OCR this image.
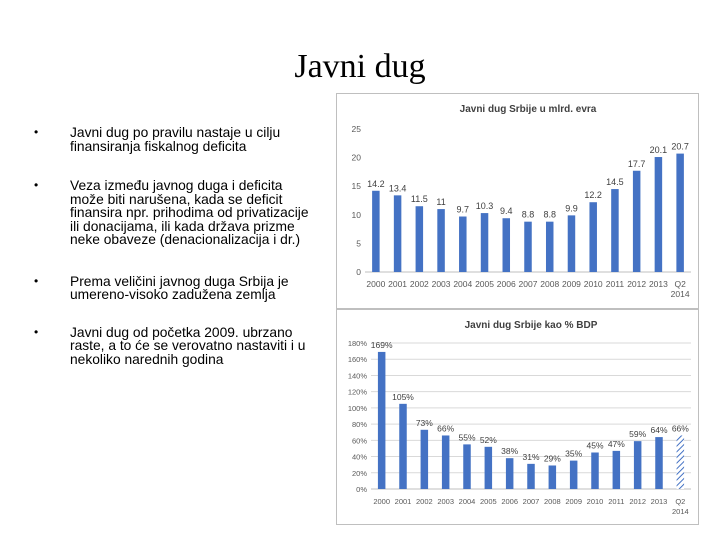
Javni dug
• Javni dug po pravilu nastaje u cilju finansiranja fiskalnog deficita
• Veza između javnog duga i deficita može biti narušena, kada se deficit finansira npr. prihodima od privatizacije ili donacijama, ili kada država prizme neke obaveze (denacionalizacija i dr.)
• Prema veličini javnog duga Srbija je umereno-visoko zadužena zemlja
• Javni dug od početka 2009. ubrzano raste, a to će se verovatno nastaviti i u nekoliko narednih godina
Javni dug Srbije u mlrd. evra
0
5
10
15
20
25
14.2
2000
13.4
2001
11.5
2002
11
2003
9.7
2004
10.3
2005
9.4
2006
8.8
2007
8.8
2008
9.9
2009
12.2
2010
14.5
2011
17.7
2012
20.1
2013
20.7
Q2
2014
Javni dug Srbije kao % BDP
0%
20%
40%
60%
80%
100%
120%
140%
160%
180% 169%
2000
105%
2001
73%
2002
66%
2003
55%
2004
52%
2005
38%
2006
31%
2007
29%
2008
35%
2009
45%
2010
47%
2011
59%
2012
64%
2013
66%
Q2
2014
